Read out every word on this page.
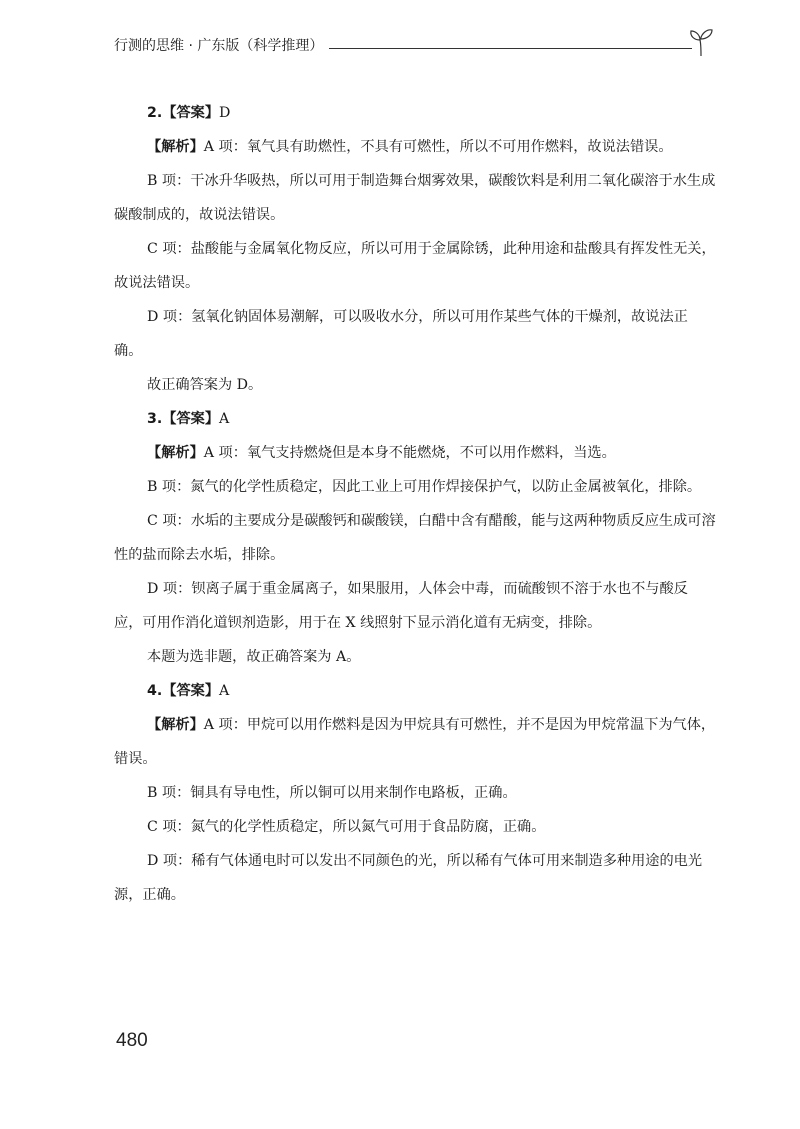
行测的思维 · 广东版（科学推理）

2.【答案】D

【解析】A 项：氧气具有助燃性，不具有可燃性，所以不可用作燃料，故说法错误。

B 项：干冰升华吸热，所以可用于制造舞台烟雾效果，碳酸饮料是利用二氧化碳溶于水生成碳酸制成的，故说法错误。

C 项：盐酸能与金属氧化物反应，所以可用于金属除锈，此种用途和盐酸具有挥发性无关，故说法错误。

D 项：氢氧化钠固体易潮解，可以吸收水分，所以可用作某些气体的干燥剂，故说法正确。

故正确答案为 D。

3.【答案】A

【解析】A 项：氧气支持燃烧但是本身不能燃烧，不可以用作燃料，当选。

B 项：氮气的化学性质稳定，因此工业上可用作焊接保护气，以防止金属被氧化，排除。

C 项：水垢的主要成分是碳酸钙和碳酸镁，白醋中含有醋酸，能与这两种物质反应生成可溶性的盐而除去水垢，排除。

D 项：钡离子属于重金属离子，如果服用，人体会中毒，而硫酸钡不溶于水也不与酸反应，可用作消化道钡剂造影，用于在 X 线照射下显示消化道有无病变，排除。

本题为选非题，故正确答案为 A。

4.【答案】A

【解析】A 项：甲烷可以用作燃料是因为甲烷具有可燃性，并不是因为甲烷常温下为气体，错误。

B 项：铜具有导电性，所以铜可以用来制作电路板，正确。

C 项：氮气的化学性质稳定，所以氮气可用于食品防腐，正确。

D 项：稀有气体通电时可以发出不同颜色的光，所以稀有气体可用来制造多种用途的电光源，正确。

480
